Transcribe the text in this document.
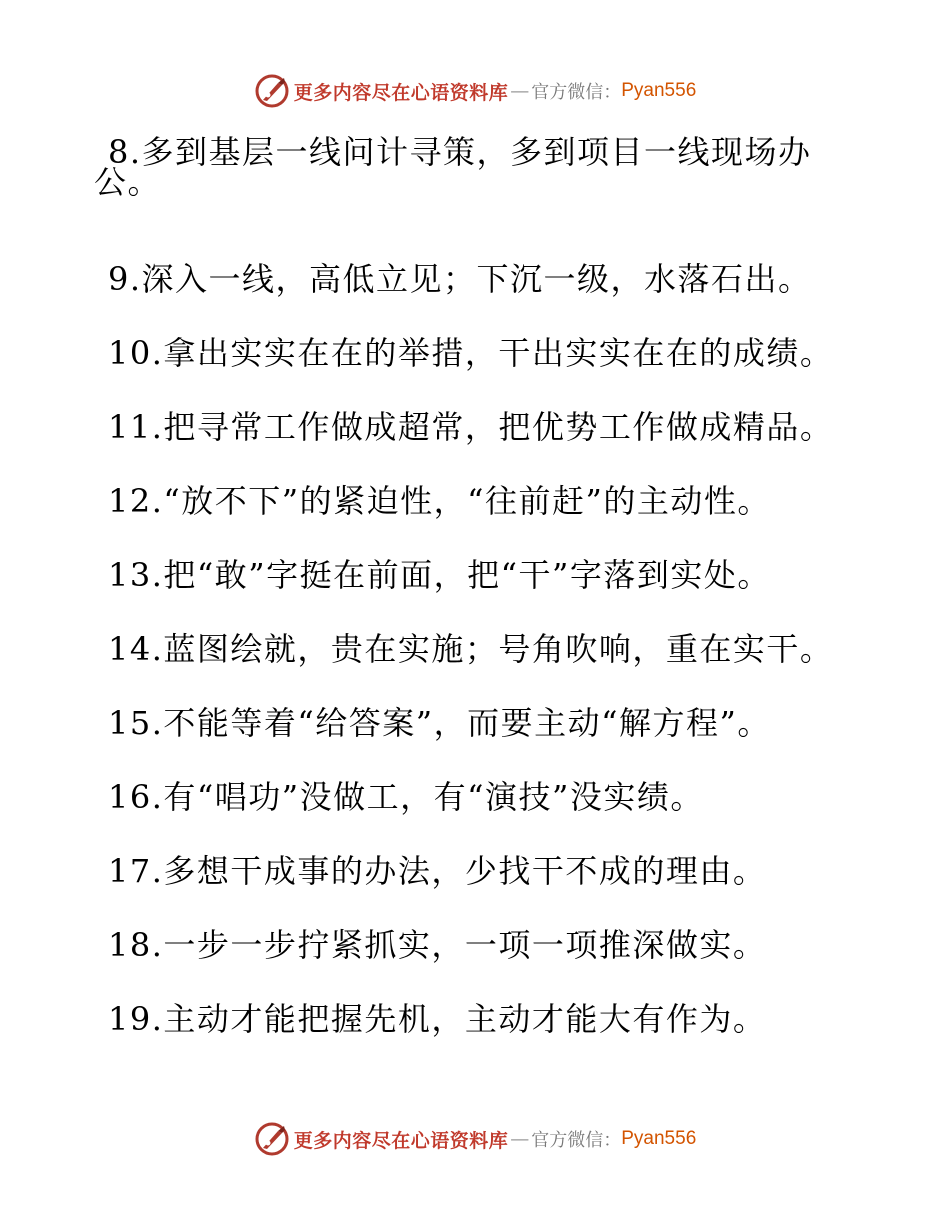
更多内容尽在心语资料库 — 官方微信： Pyan556
8.多到基层一线问计寻策，多到项目一线现场办
公。
9.深入一线，高低立见；下沉一级，水落石出。
10.拿出实实在在的举措，干出实实在在的成绩。
11.把寻常工作做成超常，把优势工作做成精品。
12.“放不下”的紧迫性，“往前赶”的主动性。
13.把“敢”字挺在前面，把“干”字落到实处。
14.蓝图绘就，贵在实施；号角吹响，重在实干。
15.不能等着“给答案”，而要主动“解方程”。
16.有“唱功”没做工，有“演技”没实绩。
17.多想干成事的办法，少找干不成的理由。
18.一步一步拧紧抓实，一项一项推深做实。
19.主动才能把握先机，主动才能大有作为。
更多内容尽在心语资料库 — 官方微信： Pyan556
